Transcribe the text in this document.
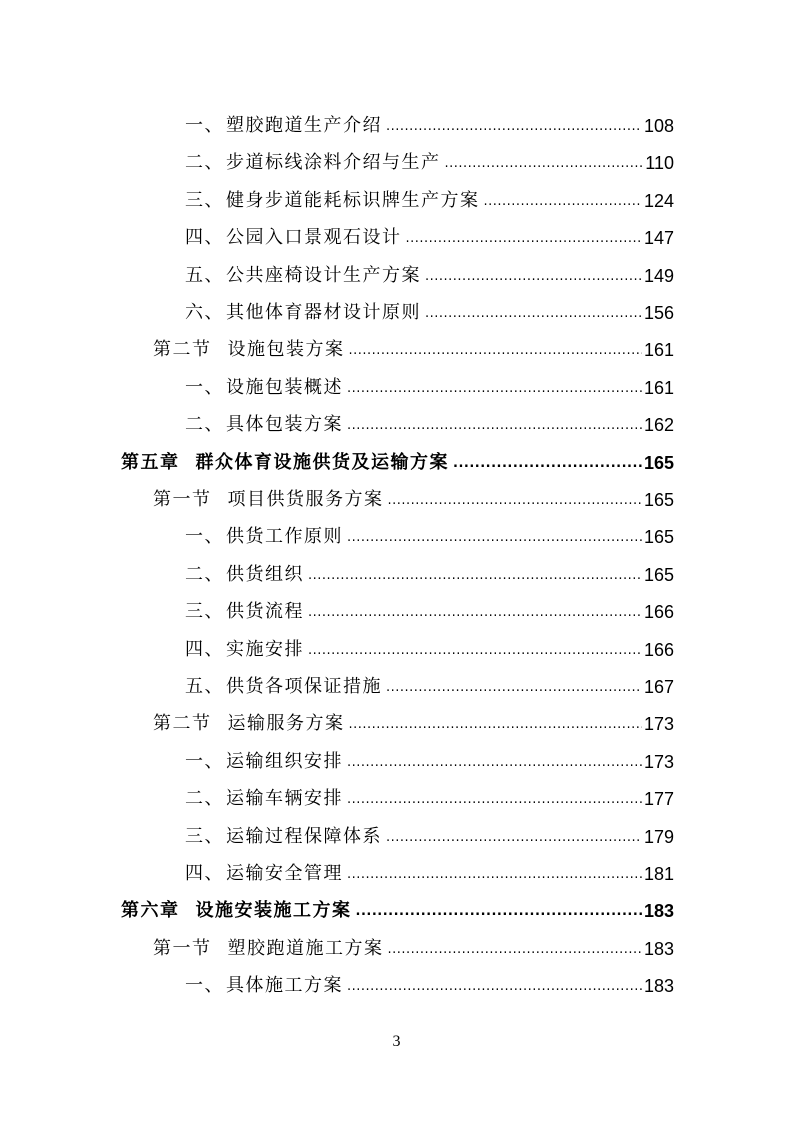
一、 塑胶跑道生产介绍 .....	108
二、 步道标线涂料介绍与生产 .....	110
三、 健身步道能耗标识牌生产方案 .....	124
四、 公园入口景观石设计 .....	147
五、 公共座椅设计生产方案 .....	149
六、 其他体育器材设计原则 .....	156
第二节 设施包装方案 .....	161
一、 设施包装概述 .....	161
二、 具体包装方案 .....	162
第五章 群众体育设施供货及运输方案 .....	165
第一节 项目供货服务方案 .....	165
一、 供货工作原则 .....	165
二、 供货组织 .....	165
三、 供货流程 .....	166
四、 实施安排 .....	166
五、 供货各项保证措施 .....	167
第二节 运输服务方案 .....	173
一、 运输组织安排 .....	173
二、 运输车辆安排 .....	177
三、 运输过程保障体系 .....	179
四、 运输安全管理 .....	181
第六章 设施安装施工方案 .....	183
第一节 塑胶跑道施工方案 .....	183
一、 具体施工方案 .....	183
3
